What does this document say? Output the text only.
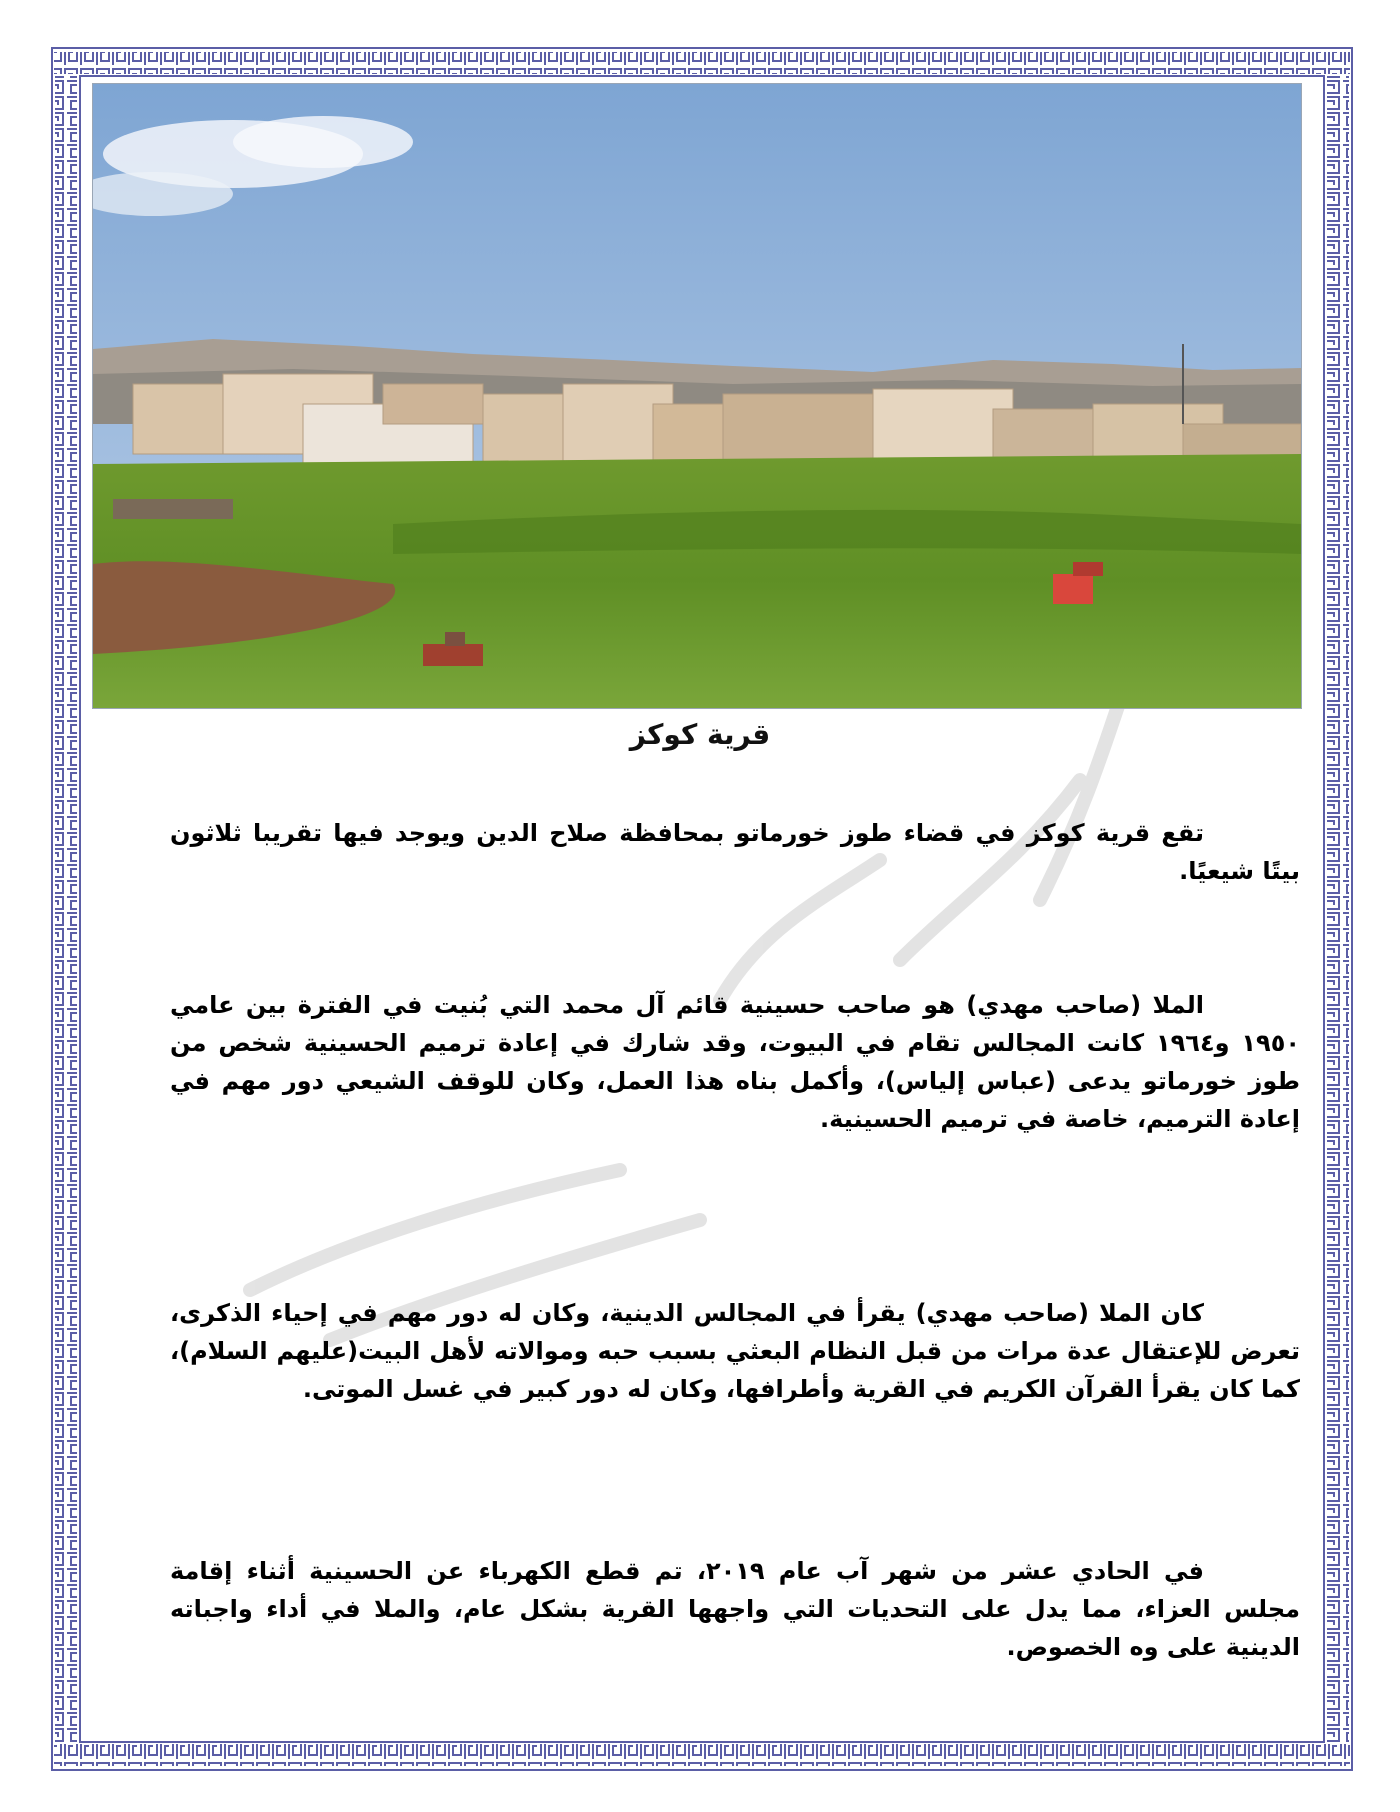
قرية كوكز

تقع قرية كوكز في قضاء طوز خورماتو بمحافظة صلاح الدين ويوجد فيها تقريبا ثلاثون بيتًا شيعيًا.

الملا (صاحب مهدي) هو صاحب حسينية قائم آل محمد التي بُنيت في الفترة بين عامي ١٩٥٠ و١٩٦٤ كانت المجالس تقام في البيوت، وقد شارك في إعادة ترميم الحسينية شخص من طوز خورماتو يدعى (عباس إلياس)، وأكمل بناه هذا العمل، وكان للوقف الشيعي دور مهم في إعادة الترميم، خاصة في ترميم الحسينية.

كان الملا (صاحب مهدي) يقرأ في المجالس الدينية، وكان له دور مهم في إحياء الذكرى، تعرض للإعتقال عدة مرات من قبل النظام البعثي بسبب حبه وموالاته لأهل البيت(عليهم السلام)، كما كان يقرأ القرآن الكريم في القرية وأطرافها، وكان له دور كبير في غسل الموتى.

في الحادي عشر من شهر آب عام ٢٠١٩، تم قطع الكهرباء عن الحسينية أثناء إقامة مجلس العزاء، مما يدل على التحديات التي واجهها القرية بشكل عام، والملا في أداء واجباته الدينية على وه الخصوص.
